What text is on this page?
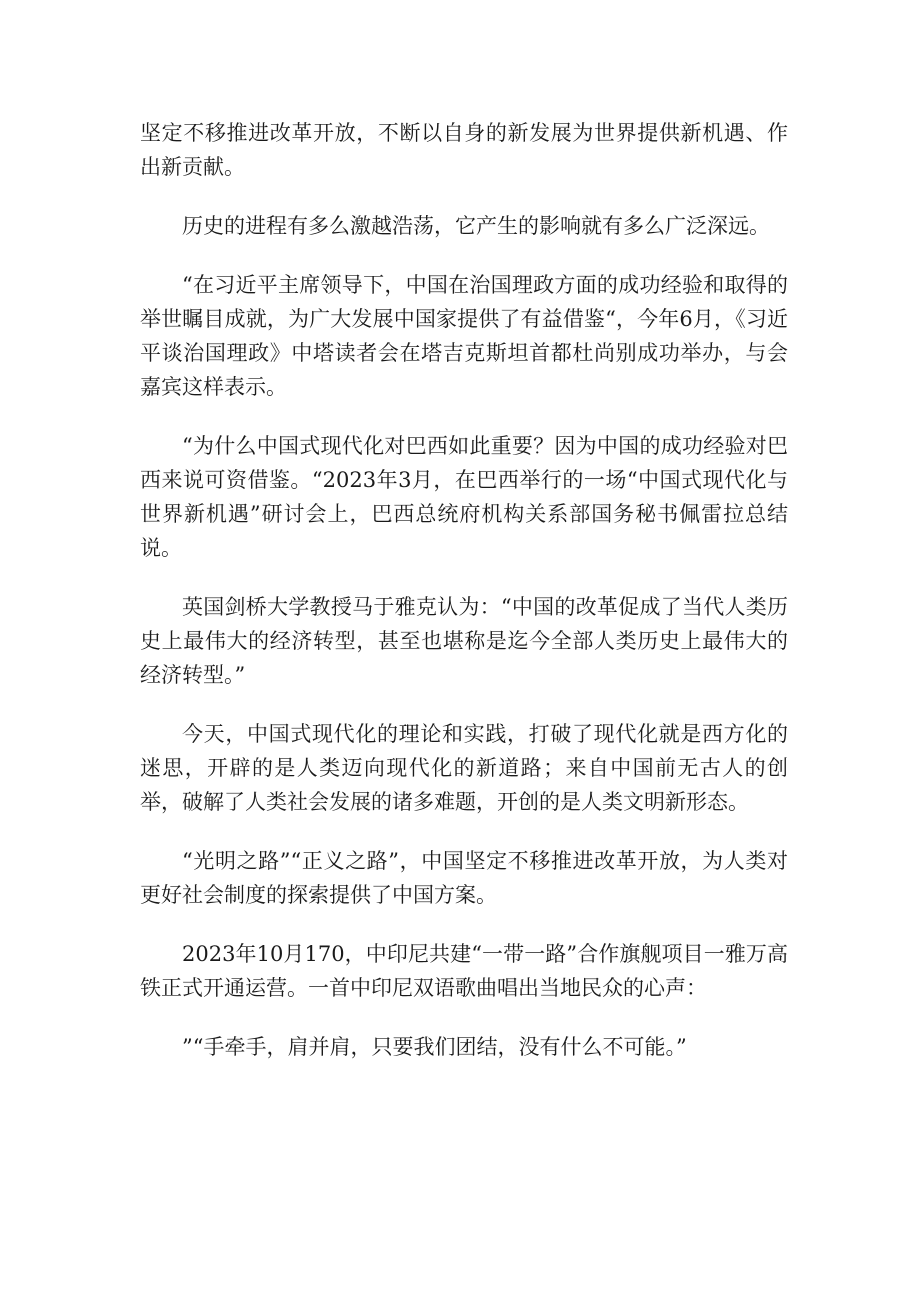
坚定不移推进改革开放，不断以自身的新发展为世界提供新机遇、作出新贡献。

历史的进程有多么激越浩荡，它产生的影响就有多么广泛深远。

“在习近平主席领导下，中国在治国理政方面的成功经验和取得的举世瞩目成就，为广大发展中国家提供了有益借鉴“，今年6月，《习近平谈治国理政》中塔读者会在塔吉克斯坦首都杜尚别成功举办，与会嘉宾这样表示。

“为什么中国式现代化对巴西如此重要？因为中国的成功经验对巴西来说可资借鉴。“2023年3月，在巴西举行的一场“中国式现代化与世界新机遇”研讨会上，巴西总统府机构关系部国务秘书佩雷拉总结说。

英国剑桥大学教授马于雅克认为：“中国的改革促成了当代人类历史上最伟大的经济转型，甚至也堪称是迄今全部人类历史上最伟大的经济转型。”

今天，中国式现代化的理论和实践，打破了现代化就是西方化的迷思，开辟的是人类迈向现代化的新道路；来自中国前无古人的创举，破解了人类社会发展的诸多难题，开创的是人类文明新形态。

“光明之路”“正义之路”，中国坚定不移推进改革开放，为人类对更好社会制度的探索提供了中国方案。

2023年10月170，中印尼共建“一带一路”合作旗舰项目一雅万高铁正式开通运营。一首中印尼双语歌曲唱出当地民众的心声：

”“手牵手，肩并肩，只要我们团结，没有什么不可能。”
